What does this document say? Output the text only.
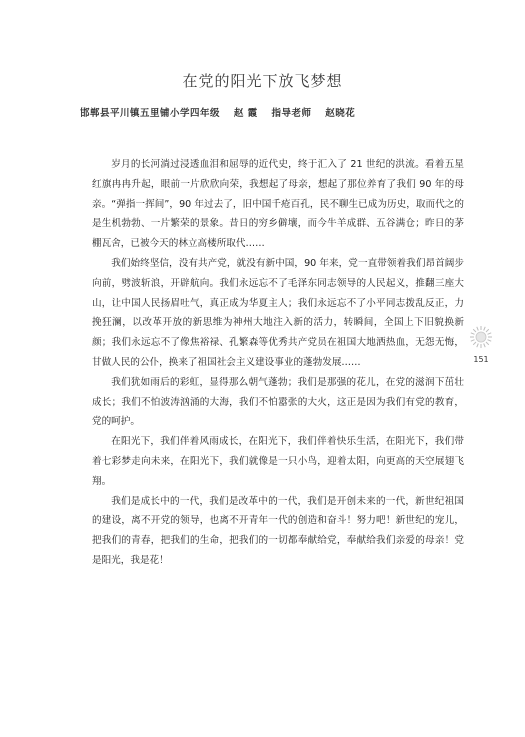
在党的阳光下放飞梦想
邯郸县平川镇五里铺小学四年级 赵 霞 指导老师 赵晓花

岁月的长河淌过浸透血泪和屈辱的近代史，终于汇入了 21 世纪的洪流。看着五星红旗冉冉升起，眼前一片欣欣向荣，我想起了母亲，想起了那位养育了我们 90 年的母亲。“弹指一挥间”，90 年过去了，旧中国千疮百孔，民不聊生已成为历史，取而代之的是生机勃勃、一片繁荣的景象。昔日的穷乡僻壤，而今牛羊成群、五谷满仓；昨日的茅棚瓦舍，已被今天的林立高楼所取代……

我们始终坚信，没有共产党，就没有新中国，90 年来，党一直带领着我们昂首阔步向前，劈波斩浪，开辟航向。我们永远忘不了毛泽东同志领导的人民起义，推翻三座大山，让中国人民扬眉吐气，真正成为华夏主人；我们永远忘不了小平同志拨乱反正，力挽狂澜，以改革开放的新思维为神州大地注入新的活力，转瞬间，全国上下旧貌换新颜；我们永远忘不了像焦裕禄、孔繁森等优秀共产党员在祖国大地洒热血，无怨无悔，甘做人民的公仆，换来了祖国社会主义建设事业的蓬勃发展……

我们犹如雨后的彩虹，显得那么朝气蓬勃；我们是那强的花儿，在党的滋润下茁壮成长；我们不怕波涛汹涌的大海，我们不怕嚣张的大火，这正是因为我们有党的教育，党的呵护。

在阳光下，我们伴着风雨成长，在阳光下，我们伴着快乐生活，在阳光下，我们带着七彩梦走向未来，在阳光下，我们就像是一只小鸟，迎着太阳，向更高的天空展翅飞翔。

我们是成长中的一代，我们是改革中的一代，我们是开创未来的一代，新世纪祖国的建设，离不开党的领导，也离不开青年一代的创造和奋斗！努力吧！新世纪的宠儿，把我们的青春，把我们的生命，把我们的一切都奉献给党，奉献给我们亲爱的母亲！党是阳光，我是花！

151
